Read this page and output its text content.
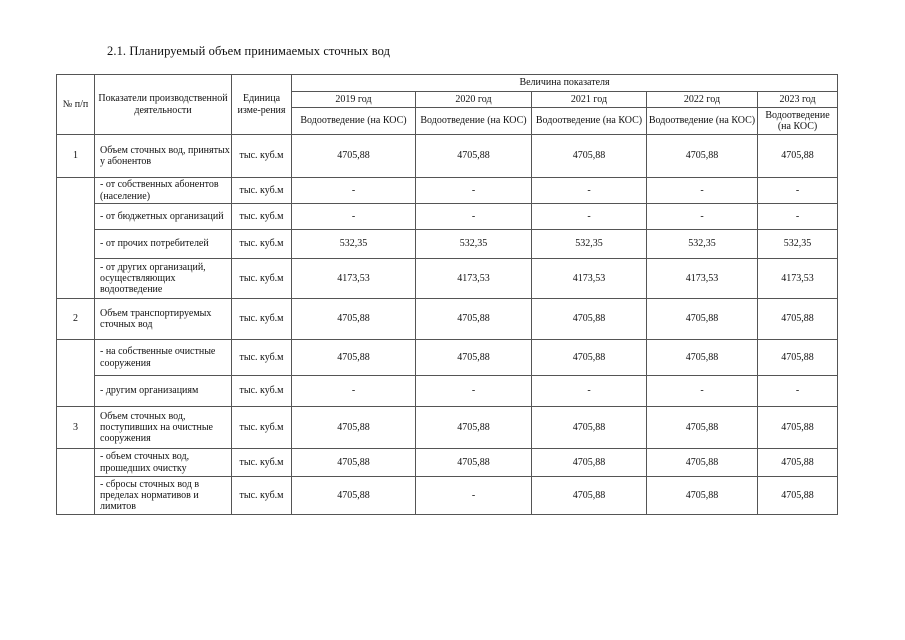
2.1. Планируемый объем принимаемых сточных вод
№ п/п	Показатели производственной деятельности	Единица изме-рения	Величина показателя				
			2019 год	2020 год	2021 год	2022 год	2023 год
			Водоотведение (на КОС)	Водоотведение (на КОС)	Водоотведение (на КОС)	Водоотведение (на КОС)	Водоотведение (на КОС)
1	Объем сточных вод, принятых у абонентов	тыс. куб.м	4705,88	4705,88	4705,88	4705,88	4705,88
	- от собственных абонентов (население)	тыс. куб.м	-	-	-	-	-
	- от бюджетных организаций	тыс. куб.м	-	-	-	-	-
	- от прочих потребителей	тыс. куб.м	532,35	532,35	532,35	532,35	532,35
	- от других организаций, осуществляющих водоотведение	тыс. куб.м	4173,53	4173,53	4173,53	4173,53	4173,53
2	Объем транспортируемых сточных вод	тыс. куб.м	4705,88	4705,88	4705,88	4705,88	4705,88
	- на собственные очистные сооружения	тыс. куб.м	4705,88	4705,88	4705,88	4705,88	4705,88
	- другим организациям	тыс. куб.м	-	-	-	-	-
3	Объем сточных вод, поступивших на очистные сооружения	тыс. куб.м	4705,88	4705,88	4705,88	4705,88	4705,88
	- объем сточных вод, прошедших очистку	тыс. куб.м	4705,88	4705,88	4705,88	4705,88	4705,88
	- сбросы сточных вод в пределах нормативов и лимитов	тыс. куб.м	4705,88	-	4705,88	4705,88	4705,88
